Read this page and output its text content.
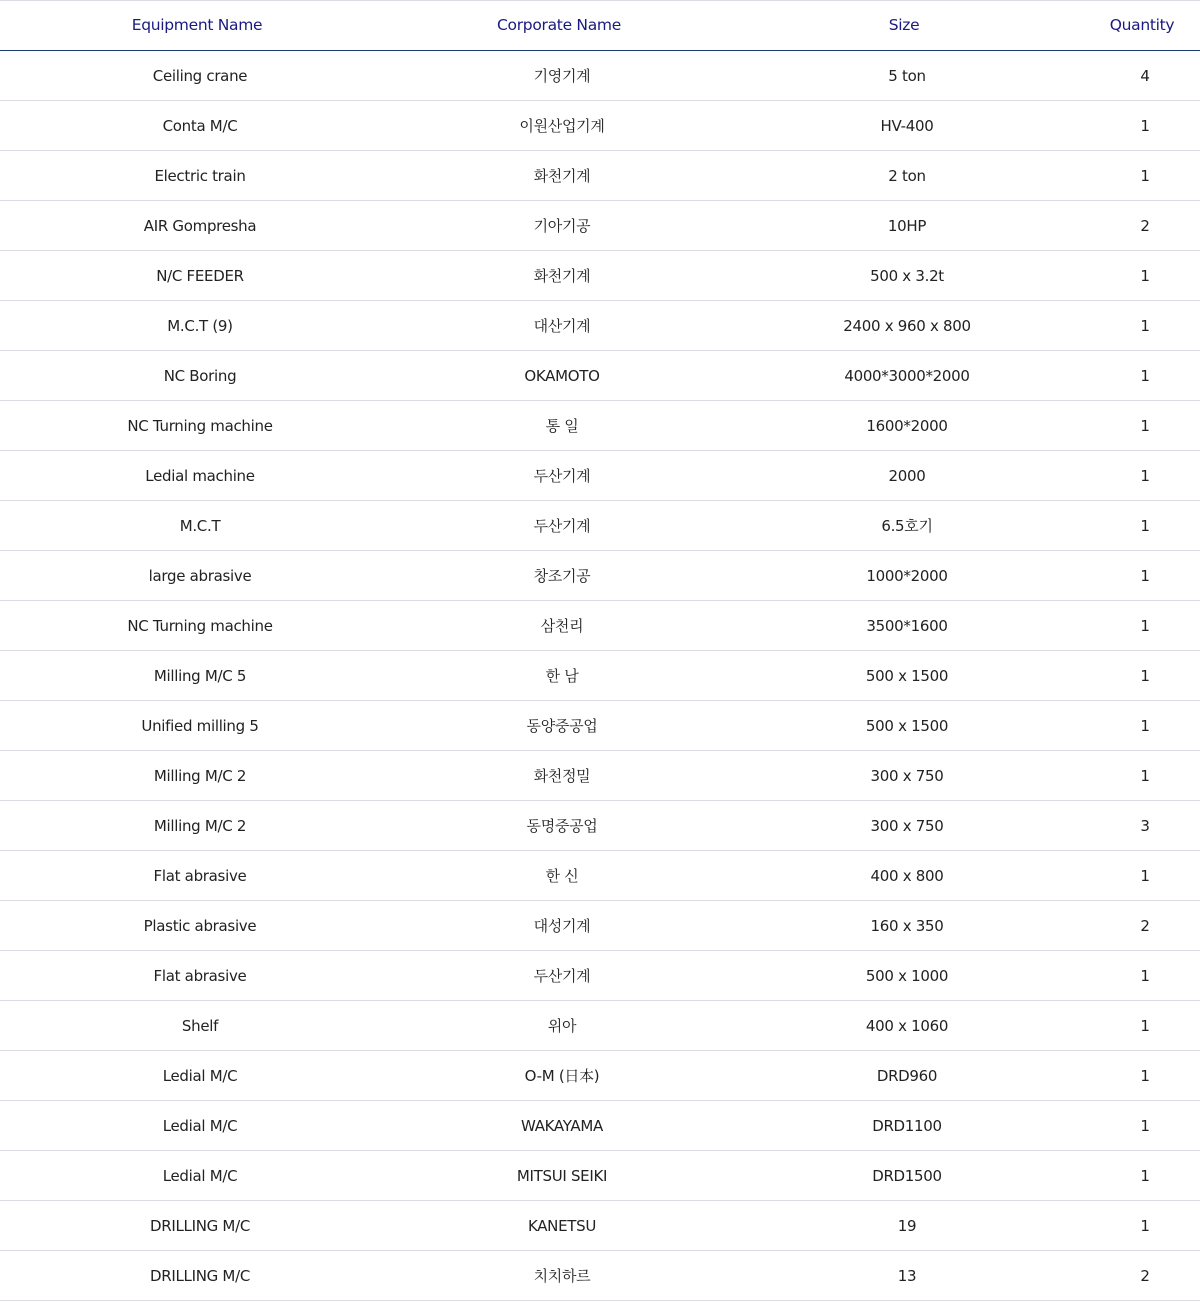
Equipment Name	Corporate Name	Size	Quantity
Ceiling crane	기영기계	5 ton	4
Conta M/C	이원산업기계	HV-400	1
Electric train	화천기계	2 ton	1
AIR Gompresha	기아기공	10HP	2
N/C FEEDER	화천기계	500 x 3.2t	1
M.C.T (9)	대산기계	2400 x 960 x 800	1
NC Boring	OKAMOTO	4000*3000*2000	1
NC Turning machine	통 일	1600*2000	1
Ledial machine	두산기계	2000	1
M.C.T	두산기계	6.5호기	1
large abrasive	창조기공	1000*2000	1
NC Turning machine	삼천리	3500*1600	1
Milling M/C 5	한 남	500 x 1500	1
Unified milling 5	동양중공업	500 x 1500	1
Milling M/C 2	화천정밀	300 x 750	1
Milling M/C 2	동명중공업	300 x 750	3
Flat abrasive	한 신	400 x 800	1
Plastic abrasive	대성기계	160 x 350	2
Flat abrasive	두산기계	500 x 1000	1
Shelf	위아	400 x 1060	1
Ledial M/C	O-M (日本)	DRD960	1
Ledial M/C	WAKAYAMA	DRD1100	1
Ledial M/C	MITSUI SEIKI	DRD1500	1
DRILLING M/C	KANETSU	19	1
DRILLING M/C	치치하르	13	2
